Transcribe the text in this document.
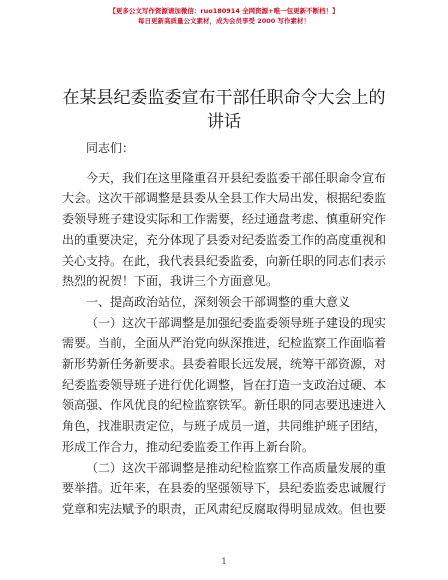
【更多公文写作资源请加微信：ruo180914 全网资源+唯一包更新不断档！】
每日更新高质量公文素材，成为会员享受 2000 写作素材！
在某县纪委监委宣布干部任职命令大会上的讲话

同志们：

今天，我们在这里隆重召开县纪委监委干部任职命令宣布大会。这次干部调整是县委从全县工作大局出发，根据纪委监委领导班子建设实际和工作需要，经过通盘考虑、慎重研究作出的重要决定，充分体现了县委对纪委监委工作的高度重视和关心支持。在此，我代表县纪委监委，向新任职的同志们表示热烈的祝贺！下面，我讲三个方面意见。

一、提高政治站位，深刻领会干部调整的重大意义

（一）这次干部调整是加强纪委监委领导班子建设的现实需要。当前，全面从严治党向纵深推进，纪检监察工作面临着新形势新任务新要求。县委着眼长远发展，统筹干部资源，对纪委监委领导班子进行优化调整，旨在打造一支政治过硬、本领高强、作风优良的纪检监察铁军。新任职的同志要迅速进入角色，找准职责定位，与班子成员一道，共同维护班子团结，形成工作合力，推动纪委监委工作再上新台阶。

（二）这次干部调整是推动纪检监察工作高质量发展的重要举措。近年来，在县委的坚强领导下，县纪委监委忠诚履行党章和宪法赋予的职责，正风肃纪反腐取得明显成效。但也要

1
